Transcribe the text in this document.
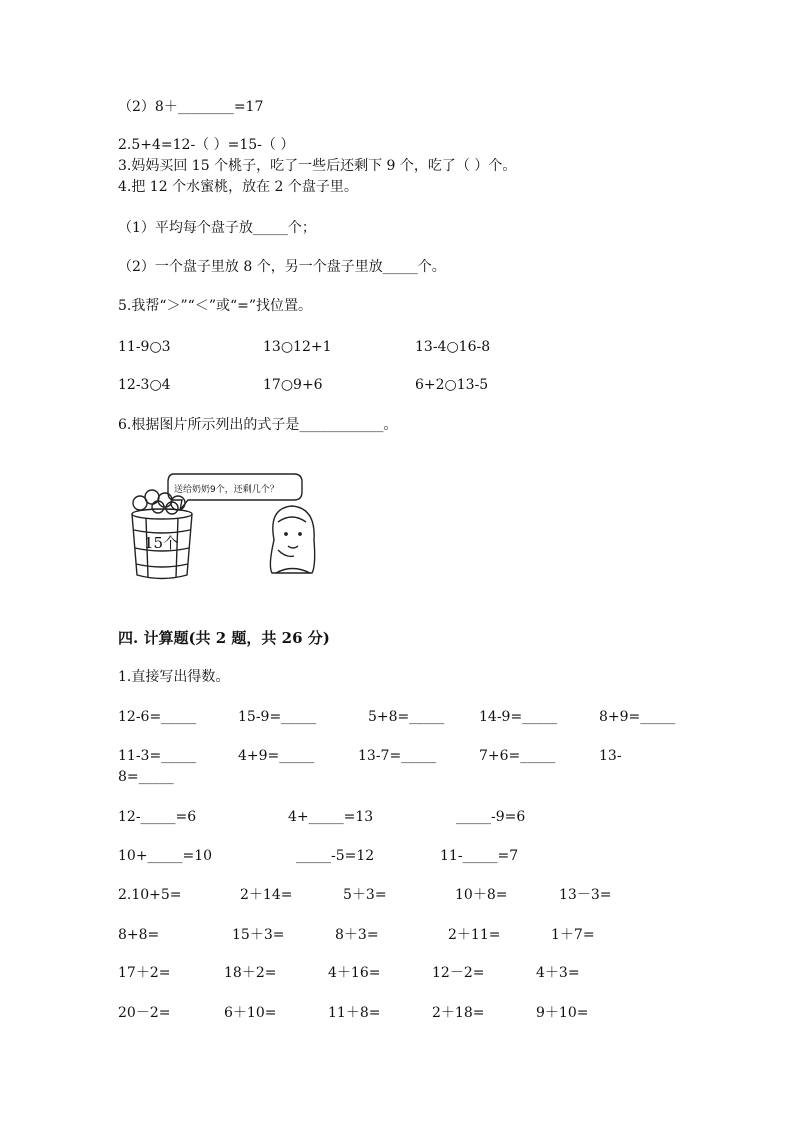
（2）8＋________=17
2.5+4=12-（ ）=15-（ ）
3.妈妈买回 15 个桃子，吃了一些后还剩下 9 个，吃了（ ）个。
4.把 12 个水蜜桃，放在 2 个盘子里。
（1）平均每个盘子放_____个；
（2）一个盘子里放 8 个，另一个盘子里放_____个。
5.我帮“＞”“＜”或“=”找位置。
11-9○3	13○12+1	13-4○16-8
12-3○4	17○9+6	6+2○13-5
6.根据图片所示列出的式子是____________。
送给奶奶9个，还剩几个？
15个
四. 计算题(共 2 题，共 26 分)
1.直接写出得数。
12-6=_____	15-9=_____	5+8=_____ 14-9=_____	8+9=_____
11-3=_____	4+9=_____	13-7=_____	7+6=_____	13-
8=_____
12-_____=6	4+_____=13	_____-9=6
10+_____=10	_____-5=12	11-_____=7
2.10+5=	2＋14=	5＋3=	10＋8=	13－3=
8+8=	15＋3=	8＋3=	2＋11=	1＋7=
17＋2=	18＋2=	4＋16=	12－2=	4＋3=
20－2=	6＋10=	11＋8=	2＋18=	9＋10=
